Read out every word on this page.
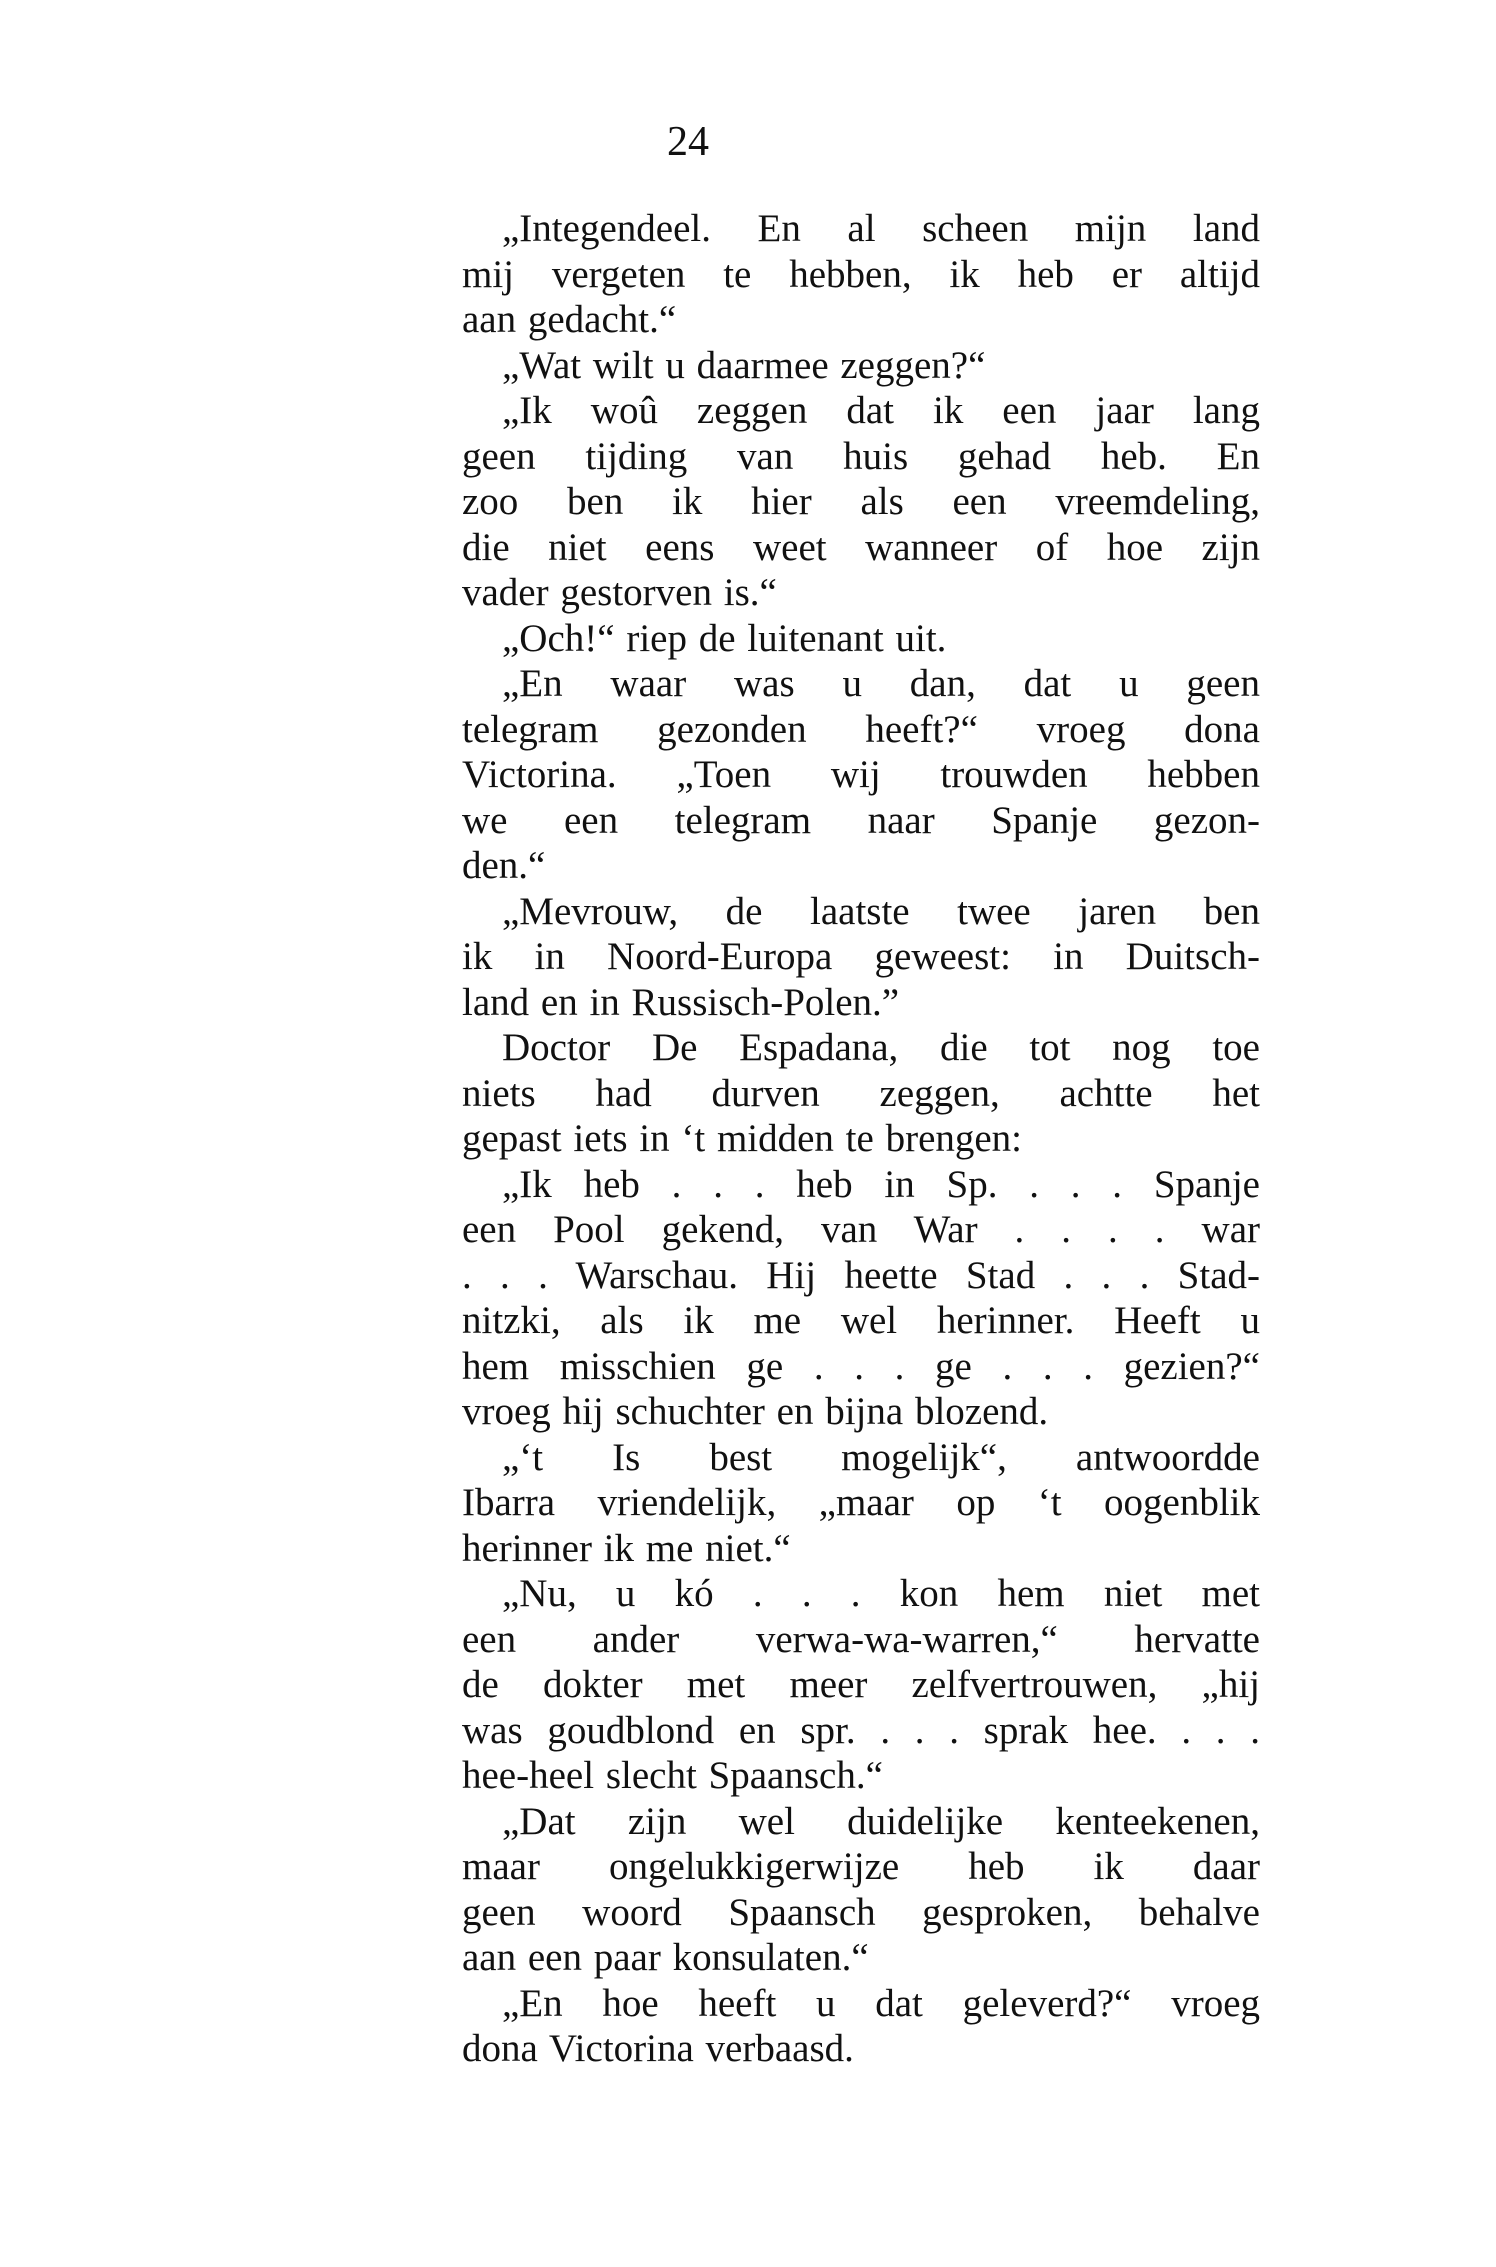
24

„Integendeel. En al scheen mijn land
mij vergeten te hebben, ik heb er altijd
aan gedacht.“

„Wat wilt u daarmee zeggen?“

„Ik woû zeggen dat ik een jaar lang
geen tijding van huis gehad heb. En
zoo ben ik hier als een vreemdeling,
die niet eens weet wanneer of hoe zijn
vader gestorven is.“

„Och!“ riep de luitenant uit.

„En waar was u dan, dat u geen
telegram gezonden heeft?“ vroeg dona
Victorina. „Toen wij trouwden hebben
we een telegram naar Spanje gezon-
den.“

„Mevrouw, de laatste twee jaren ben
ik in Noord-Europa geweest: in Duitsch-
land en in Russisch-Polen.”

Doctor De Espadana, die tot nog toe
niets had durven zeggen, achtte het
gepast iets in ‘t midden te brengen:

„Ik heb . . . heb in Sp. . . . Spanje
een Pool gekend, van War . . . . war
. . . Warschau. Hij heette Stad . . . Stad-
nitzki, als ik me wel herinner. Heeft u
hem misschien ge . . . ge . . . gezien?“
vroeg hij schuchter en bijna blozend.

„‘t Is best mogelijk“, antwoordde
Ibarra vriendelijk, „maar op ‘t oogenblik
herinner ik me niet.“

„Nu, u kó . . . kon hem niet met
een ander verwa-wa-warren,“ hervatte
de dokter met meer zelfvertrouwen, „hij
was goudblond en spr. . . . sprak hee. . . .
hee-heel slecht Spaansch.“

„Dat zijn wel duidelijke kenteekenen,
maar ongelukkigerwijze heb ik daar
geen woord Spaansch gesproken, behalve
aan een paar konsulaten.“

„En hoe heeft u dat geleverd?“ vroeg
dona Victorina verbaasd.
